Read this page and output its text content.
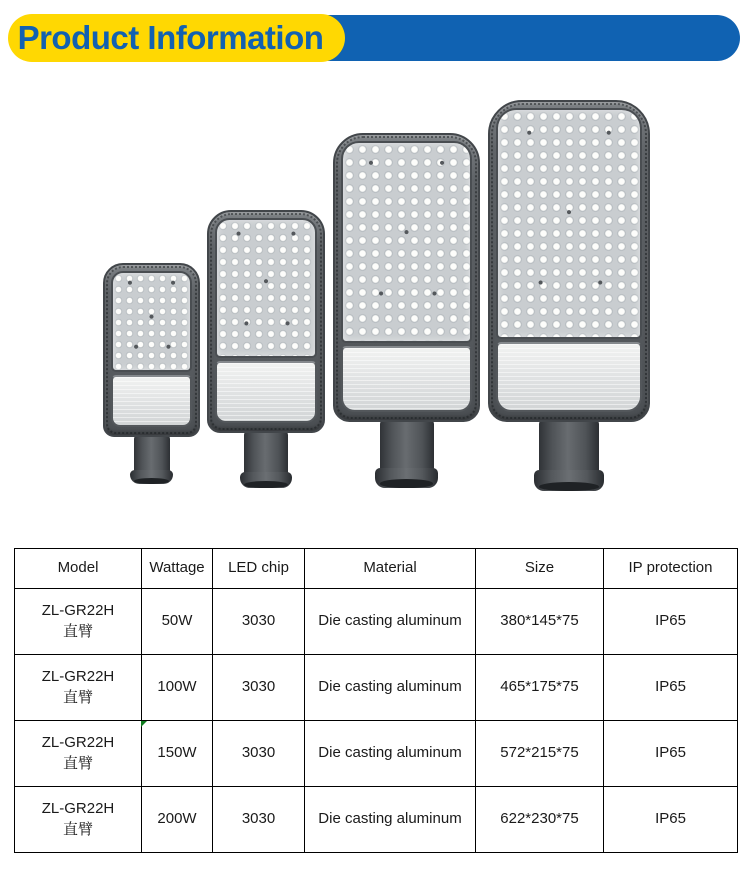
Product Information
Model	Wattage	LED chip	Material	Size	IP protection

ZL-GR22H
直臂	50W	3030	Die casting aluminum	380*145*75	IP65

ZL-GR22H
直臂	100W	3030	Die casting aluminum	465*175*75	IP65

ZL-GR22H
直臂	150W	3030	Die casting aluminum	572*215*75	IP65

ZL-GR22H
直臂	200W	3030	Die casting aluminum	622*230*75	IP65
